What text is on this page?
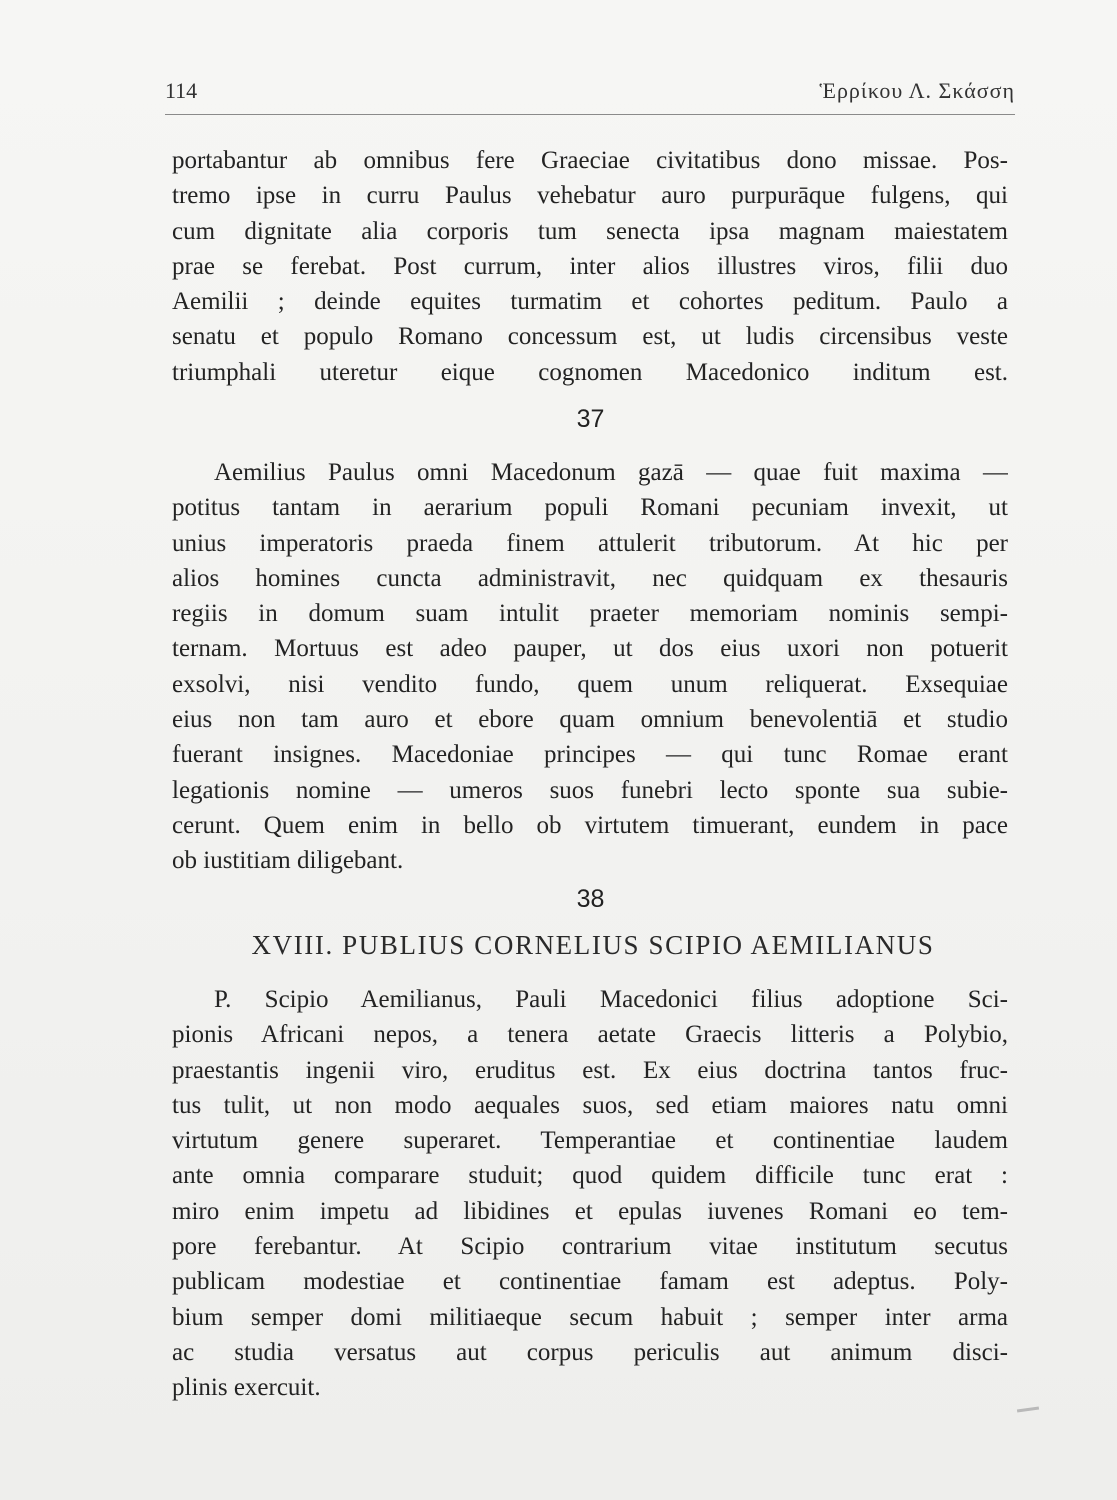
114	Ἑρρίκου Λ. Σκάσση
portabantur ab omnibus fere Graeciae civitatibus dono missae. Pos-
tremo ipse in curru Paulus vehebatur auro purpurāque fulgens, qui
cum dignitate alia corporis tum senecta ipsa magnam maiestatem
prae se ferebat. Post currum, inter alios illustres viros, filii duo
Aemilii ; deinde equites turmatim et cohortes peditum. Paulo a
senatu et populo Romano concessum est, ut ludis circensibus veste
triumphali uteretur eique cognomen Macedonico inditum est.
37
Aemilius Paulus omni Macedonum gazā — quae fuit maxima —
potitus tantam in aerarium populi Romani pecuniam invexit, ut
unius imperatoris praeda finem attulerit tributorum. At hic per
alios homines cuncta administravit, nec quidquam ex thesauris
regiis in domum suam intulit praeter memoriam nominis sempi-
ternam. Mortuus est adeo pauper, ut dos eius uxori non potuerit
exsolvi, nisi vendito fundo, quem unum reliquerat. Exsequiae
eius non tam auro et ebore quam omnium benevolentiā et studio
fuerant insignes. Macedoniae principes — qui tunc Romae erant
legationis nomine — umeros suos funebri lecto sponte sua subie-
cerunt. Quem enim in bello ob virtutem timuerant, eundem in pace
ob iustitiam diligebant.
38
XVIII. PUBLIUS CORNELIUS SCIPIO AEMILIANUS
P. Scipio Aemilianus, Pauli Macedonici filius adoptione Sci-
pionis Africani nepos, a tenera aetate Graecis litteris a Polybio,
praestantis ingenii viro, eruditus est. Ex eius doctrina tantos fruc-
tus tulit, ut non modo aequales suos, sed etiam maiores natu omni
virtutum genere superaret. Temperantiae et continentiae laudem
ante omnia comparare studuit; quod quidem difficile tunc erat :
miro enim impetu ad libidines et epulas iuvenes Romani eo tem-
pore ferebantur. At Scipio contrarium vitae institutum secutus
publicam modestiae et continentiae famam est adeptus. Poly-
bium semper domi militiaeque secum habuit ; semper inter arma
ac studia versatus aut corpus periculis aut animum disci-
plinis exercuit.
